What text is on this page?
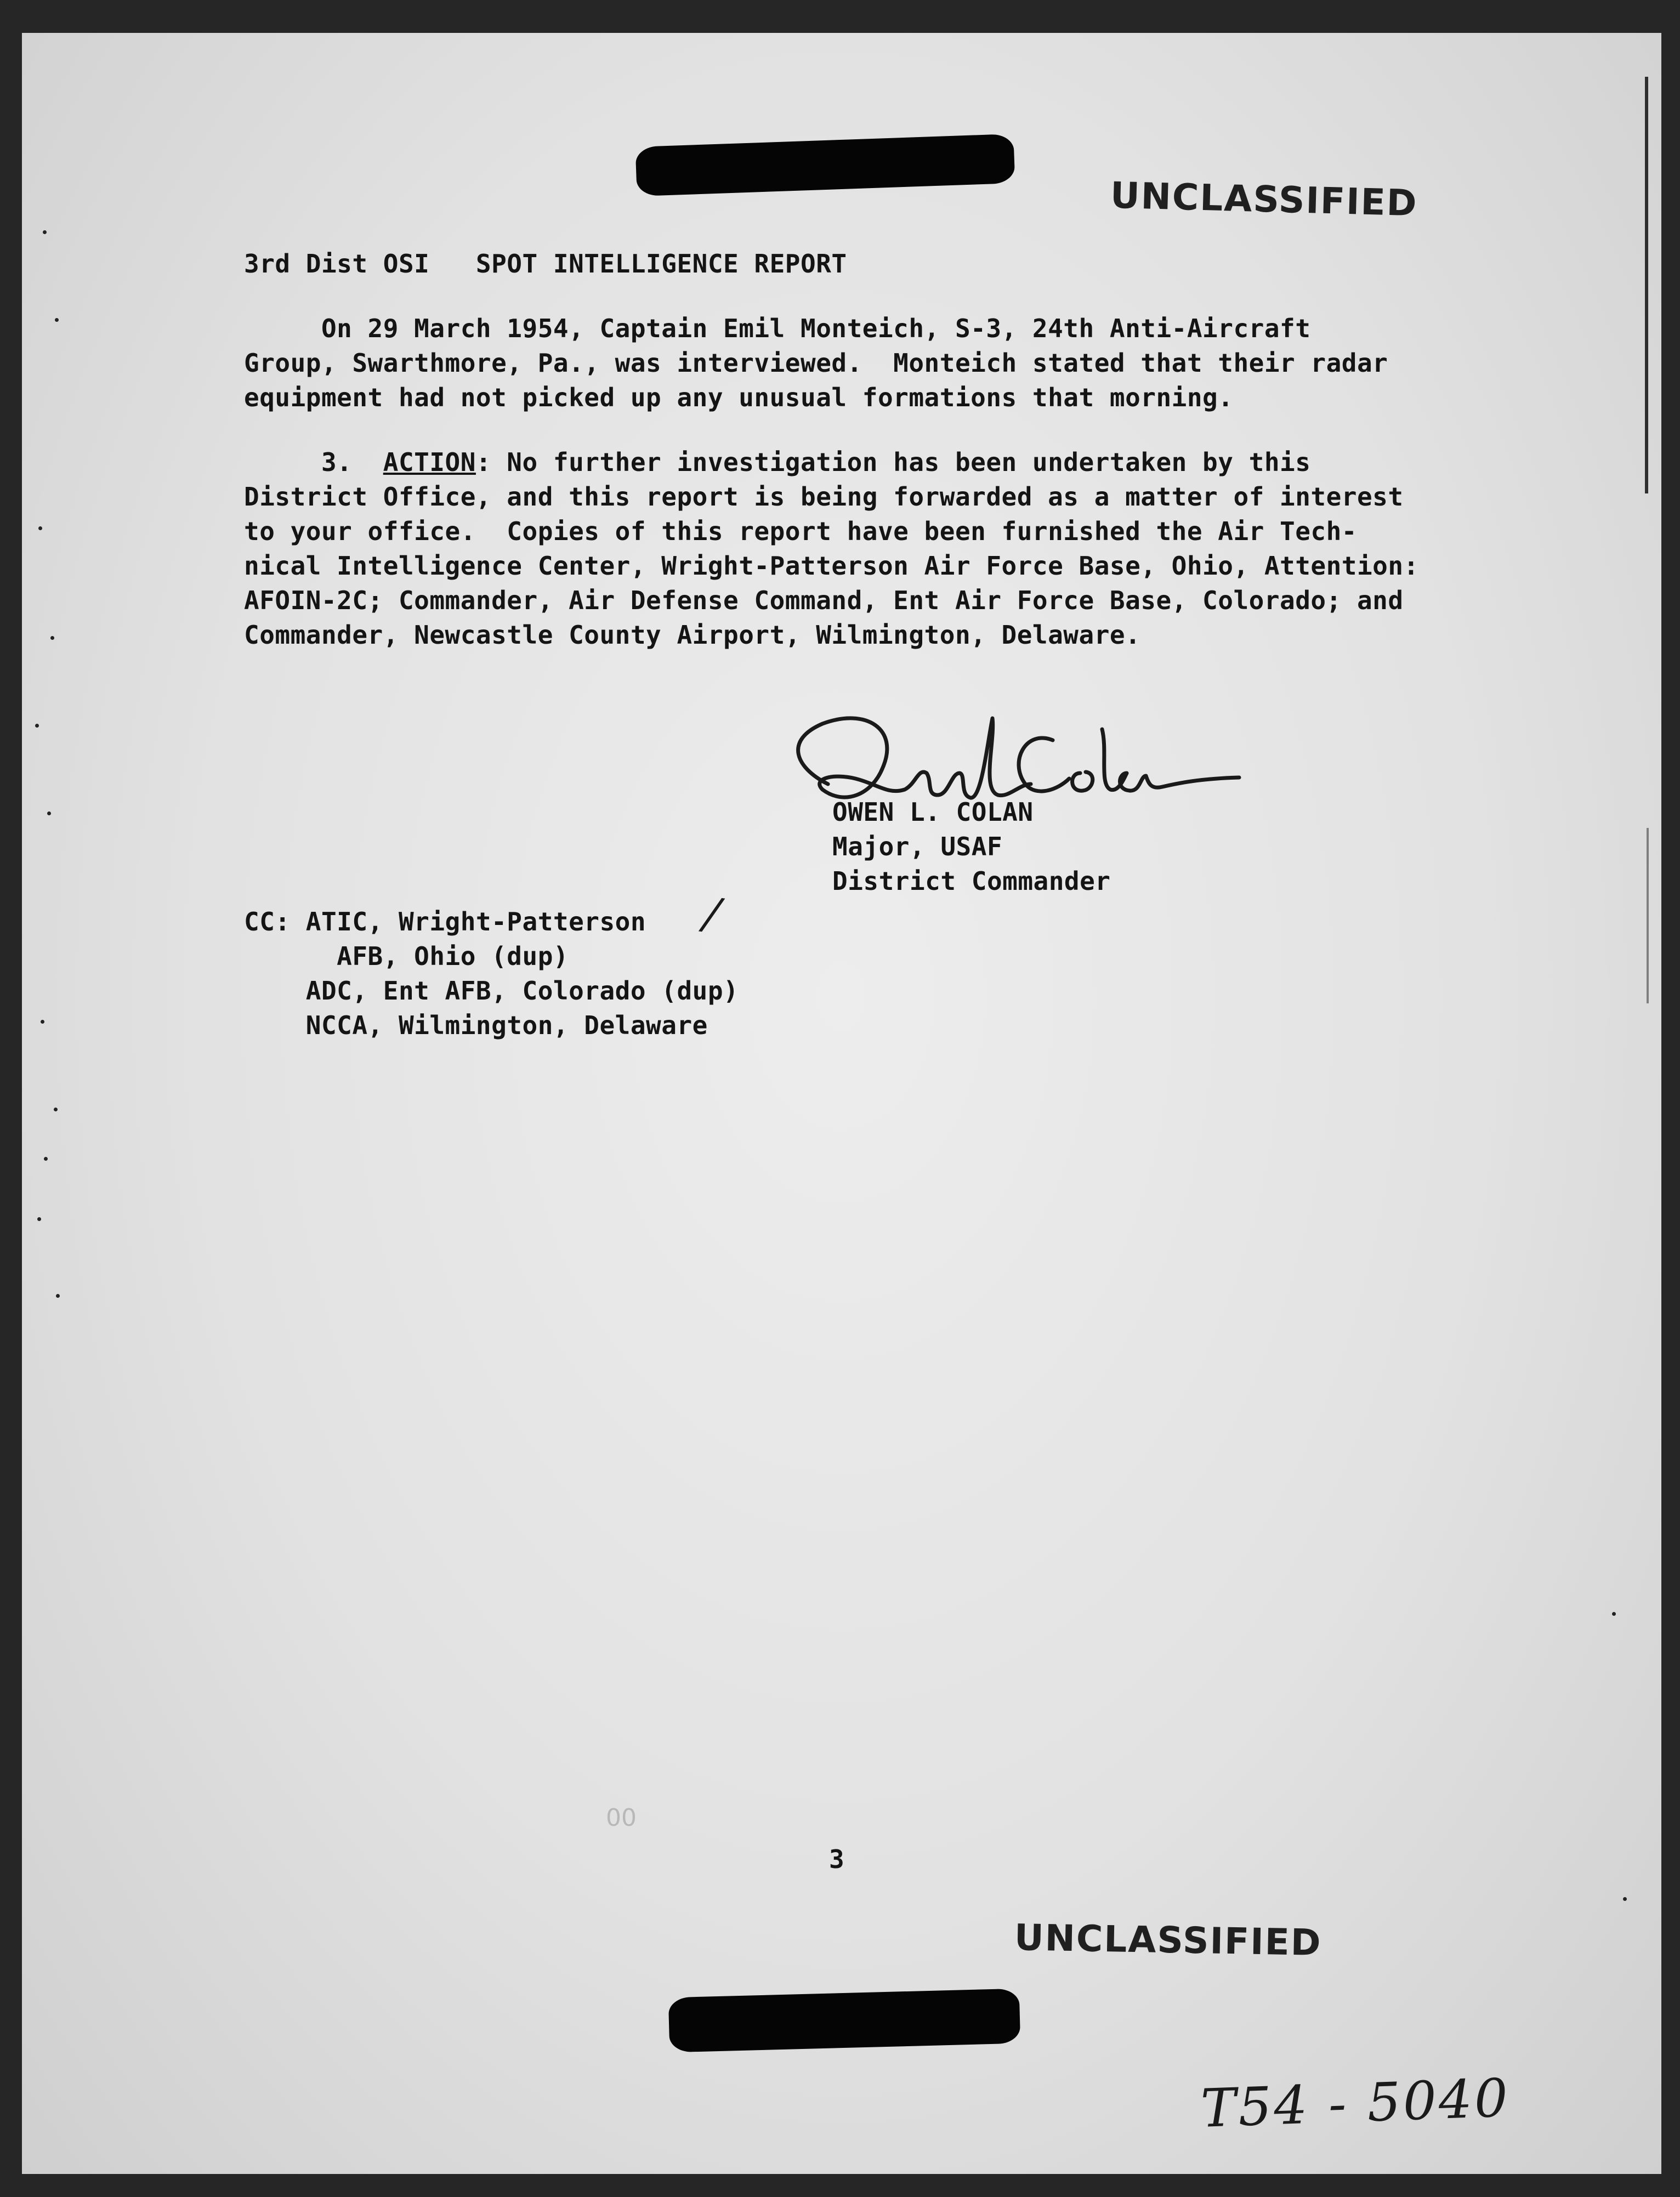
UNCLASSIFIED
3rd Dist OSI   SPOT INTELLIGENCE REPORT
On 29 March 1954, Captain Emil Monteich, S-3, 24th Anti-Aircraft
Group, Swarthmore, Pa., was interviewed.  Monteich stated that their radar
equipment had not picked up any unusual formations that morning.
3.  ACTION: No further investigation has been undertaken by this
District Office, and this report is being forwarded as a matter of interest
to your office.  Copies of this report have been furnished the Air Tech-
nical Intelligence Center, Wright-Patterson Air Force Base, Ohio, Attention:
AFOIN-2C; Commander, Air Defense Command, Ent Air Force Base, Colorado; and
Commander, Newcastle County Airport, Wilmington, Delaware.
OWEN L. COLAN
Major, USAF
District Commander
CC: ATIC, Wright-Patterson /
AFB, Ohio (dup)
ADC, Ent AFB, Colorado (dup)
NCCA, Wilmington, Delaware
00
3
UNCLASSIFIED
T54 - 5040
